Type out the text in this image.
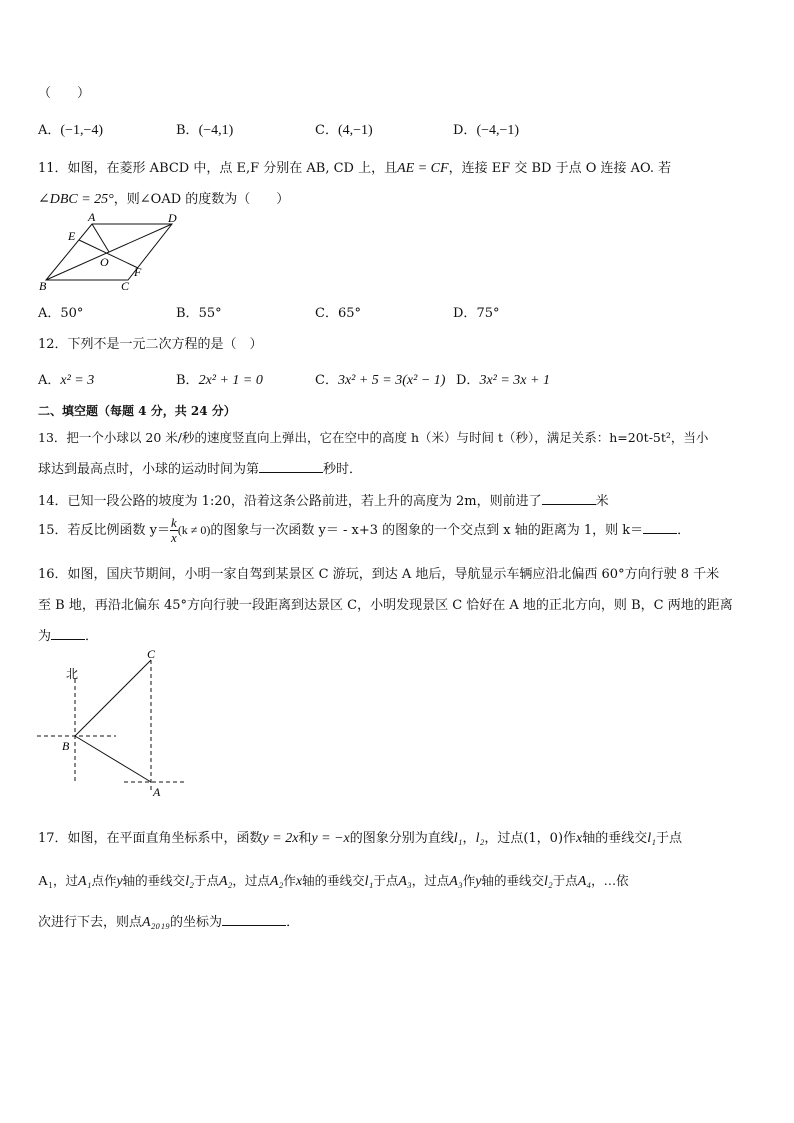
（　　）
A．(−1,−4)	B．(−4,1)	C．(4,−1)	D．(−4,−1)
11．如图，在菱形 ABCD 中，点 E,F 分别在 AB, CD 上，且AE = CF，连接 EF 交 BD 于点 O 连接 AO. 若
∠DBC = 25°，则∠OAD 的度数为（　　）
A	D
E
O
F
B	C
A．50°	B．55°	C．65°	D．75°
12．下列不是一元二次方程的是（　）
A．x² = 3	B．2x² + 1 = 0	C．3x² + 5 = 3(x² − 1) D．3x² = 3x + 1
二、填空题（每题 4 分，共 24 分）
13．把一个小球以 20 米/秒的速度竖直向上弹出，它在空中的高度 h（米）与时间 t（秒），满足关系：h=20t-5t²，当小
球达到最高点时，小球的运动时间为第	秒时．
14．已知一段公路的坡度为 1:20，沿着这条公路前进，若上升的高度为 2m，则前进了	米
15．若反比例函数 $y= \frac{k}{x} (k \ne 0)$的图象与一次函数 y＝ - x+3 的图象的一个交点到 x 轴的距离为 1，则 k＝	．
16．如图，国庆节期间，小明一家自驾到某景区 C 游玩，到达 A 地后，导航显示车辆应沿北偏西 60°方向行驶 8 千米
至 B 地，再沿北偏东 45°方向行驶一段距离到达景区 C，小明发现景区 C 恰好在 A 地的正北方向，则 B，C 两地的距离
为	．
北
C
B
A
17．如图，在平面直角坐标系中，函数y = 2x和y = −x的图象分别为直线l₁，l₂，过点(1，0)作x轴的垂线交l₁于点
A₁，过A₁点作y轴的垂线交l₂于点A₂，过点A₂作x轴的垂线交l₁于点A₃，过点A₃作y轴的垂线交l₂于点A₄，…依
次进行下去，则点A₂₀₁₉的坐标为	．
